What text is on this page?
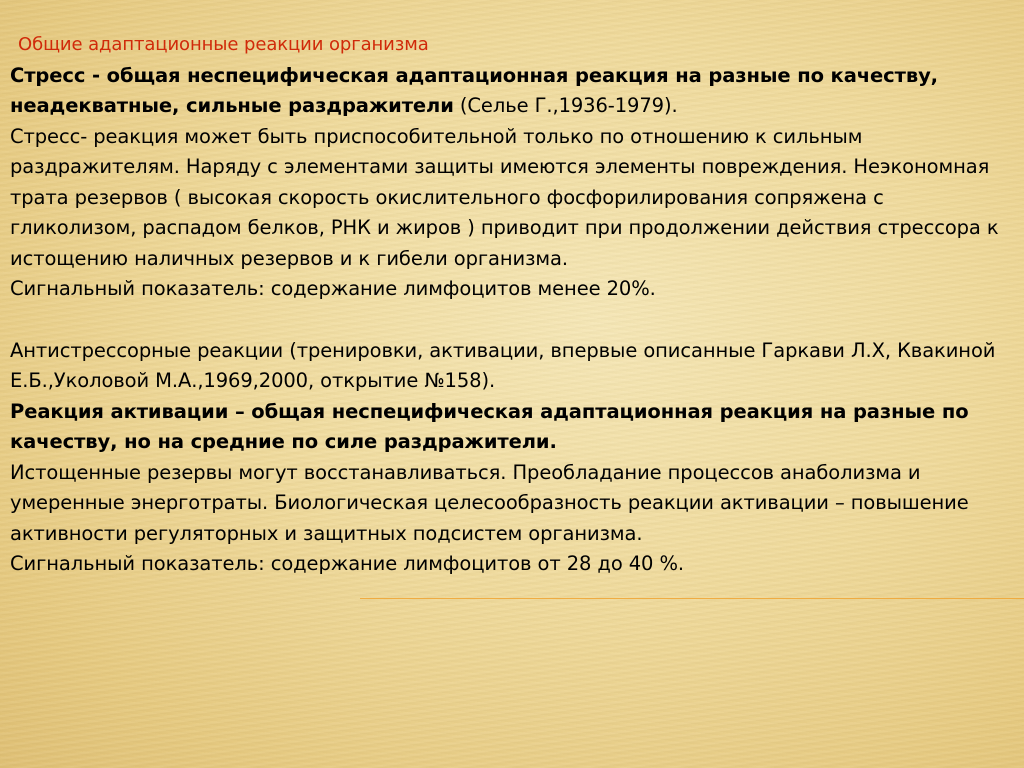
Общие адаптационные реакции организма

Стресс - общая неспецифическая адаптационная реакция на разные по качеству, неадекватные, сильные раздражители (Селье Г.,1936-1979).

Стресс- реакция может быть приспособительной только по отношению к сильным раздражителям. Наряду с элементами защиты имеются элементы повреждения. Неэкономная трата резервов ( высокая скорость окислительного фосфорилирования сопряжена с гликолизом, распадом белков, РНК и жиров ) приводит при продолжении действия стрессора к истощению наличных резервов и к гибели организма.

Сигнальный показатель: содержание лимфоцитов менее 20%.

Антистрессорные реакции (тренировки, активации, впервые описанные Гаркави Л.Х, Квакиной Е.Б.,Уколовой М.А.,1969,2000, открытие №158).

Реакция активации – общая неспецифическая адаптационная реакция на разные по качеству, но на средние по силе раздражители.

Истощенные резервы могут восстанавливаться. Преобладание процессов анаболизма и умеренные энерготраты. Биологическая целесообразность реакции активации – повышение активности регуляторных и защитных подсистем организма.

Сигнальный показатель: содержание лимфоцитов от 28 до 40 %.
